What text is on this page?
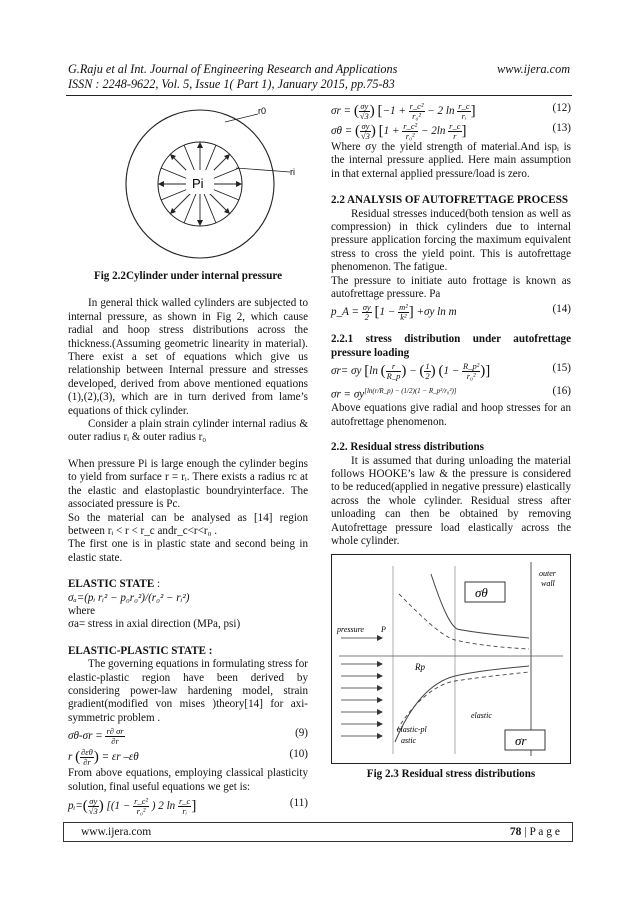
G.Raju et al Int. Journal of Engineering Research and Applications	www.ijera.com
ISSN : 2248-9622, Vol. 5, Issue 1( Part 1), January 2015, pp.75-83
Pi
r0
ri

Fig 2.2Cylinder under internal pressure

In general thick walled cylinders are subjected to internal pressure, as shown in Fig 2, which cause radial and hoop stress distributions across the thickness.(Assuming geometric linearity in material). There exist a set of equations which give us relationship between Internal pressure and stresses developed, derived from above mentioned equations (1),(2),(3), which are in turn derived from lame’s equations of thick cylinder.

Consider a plain strain cylinder internal radius & outer radius rᵢ & outer radius r₀

When pressure Pi is large enough the cylinder begins to yield from surface r = rᵢ. There exists a radius rc at the elastic and elastoplastic boundryinterface. The associated pressure is Pc.

So the material can be analysed as [14] region between rᵢ < r < r_c andr_c<r<r₀ .

The first one is in plastic state and second being in elastic state.

ELASTIC STATE :

σₐ=(pᵢ rᵢ² − p₀r₀²)/(r₀² − rᵢ²)

where

σa= stress in axial direction (MPa, psi)

ELASTIC-PLASTIC STATE :

The governing equations in formulating stress for elastic-plastic region have been derived by considering power-law hardening model, strain gradient(modified von mises )theory[14] for axi-symmetric problem .

$\sigma\theta-\sigma r = \frac{r\partial \sigma r}{\partial r}$	(9)
r ( $\frac{\partial\varepsilon\theta}{\partial r}$ ) = εr –εθ	(10)

From above equations, employing classical plasticity solution, final useful equations we get is:

pᵢ=( $\frac{\sigma y}{√3}$ ) [($1 - \frac{\text{r\_c²}}{\text{r₀²}}$ ) 2 $\ln \frac{r\_c}{\text{rᵢ}}$ ]	(11)
σr = ( $\frac{\sigma y}{√3}$ ) [$-1 + \frac{\text{r\_c²}}{\text{r₀²}} - 2$ $\ln \frac{r\_c}{\text{rᵢ}}$ ]	(12)
σθ = ( $\frac{\sigma y}{√3}$ ) [$1 + \frac{\text{r\_c²}}{\text{r₀²}} - 2\ln \frac{r\_c}{r}$ ]	(13)

Where σy the yield strength of material.And ispᵢ is the internal pressure applied. Here main assumption in that external applied pressure/load is zero.

2.2 ANALYSIS OF AUTOFRETTAGE PROCESS

Residual stresses induced(both tension as well as compression) in thick cylinders due to internal pressure application forcing the maximum equivalent stress to cross the yield point. This is autofrettage phenomenon. The fatigue.

The pressure to initiate auto frottage is known as autofrettage pressure. Pa

p_A = $\frac{\sigma y}{2} [1 - \frac{\text{m²}}{\text{k²}}$ ] +σy ln m	(14)

2.2.1 stress distribution under autofrettage pressure loading

σr= σy [ln ( $\frac{r}{R\_p}$ ) − ( $\frac{1}{2}$ ) ($1 - \frac{\text{R\_p²}}{\text{r₀²}}$ )]	(15)
σr = σy[ln(r/R_p) − (1/2)(1 − R_p²/r₀²)]	(16)

Above equations give radial and hoop stresses for an autofrettage phenomenon.

2.2. Residual stress distributions

It is assumed that during unloading the material follows HOOKE’s law & the pressure is considered to be reduced(applied in negative pressure) elastically across the whole cylinder. Residual stress after unloading can then be obtained by removing Autofrettage pressure load elastically across the whole cylinder.

outer
wall
σθ
pressure P
Rp
elastic
elastic-pl
astic	σr

Fig 2.3 Residual stress distributions

www.ijera.com	78 | P a g e
